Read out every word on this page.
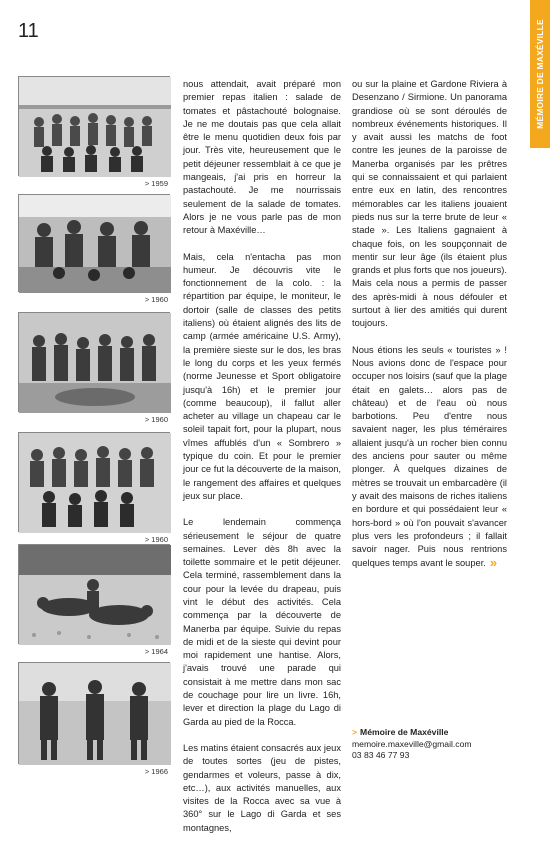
11	MÉMOIRE DE MAXÉVILLE
> 1959
> 1960
> 1960
> 1960
> 1964
> 1966

nous attendait, avait préparé mon premier repas italien : salade de tomates et pâstachouté bolognaise. Je ne me doutais pas que cela allait être le menu quotidien deux fois par jour. Très vite, heureusement que le petit déjeuner ressemblait à ce que je mangeais, j'ai pris en horreur la pastachouté. Je me nourrissais seulement de la salade de tomates. Alors je ne vous parle pas de mon retour à Maxéville…

Mais, cela n'entacha pas mon humeur. Je découvris vite le fonctionnement de la colo. : la répartition par équipe, le moniteur, le dortoir (salle de classes des petits italiens) où étaient alignés des lits de camp (armée américaine U.S. Army), la première sieste sur le dos, les bras le long du corps et les yeux fermés (norme Jeunesse et Sport obligatoire jusqu'à 16h) et le premier jour (comme beaucoup), il fallut aller acheter au village un chapeau car le soleil tapait fort, pour la plupart, nous vîmes affublés d'un « Sombrero » typique du coin. Et pour le premier jour ce fut la découverte de la maison, le rangement des affaires et quelques jeux sur place.

Le lendemain commença sérieusement le séjour de quatre semaines. Lever dès 8h avec la toilette sommaire et le petit déjeuner. Cela terminé, rassemblement dans la cour pour la levée du drapeau, puis vint le début des activités. Cela commença par la découverte de Manerba par équipe. Suivie du repas de midi et de la sieste qui devint pour moi rapidement une hantise. Alors, j'avais trouvé une parade qui consistait à me mettre dans mon sac de couchage pour lire un livre. 16h, lever et direction la plage du Lago di Garda au pied de la Rocca.

Les matins étaient consacrés aux jeux de toutes sortes (jeu de pistes, gendarmes et voleurs, passe à dix, etc…), aux activités manuelles, aux visites de la Rocca avec sa vue à 360° sur le Lago di Garda et ses montagnes,

ou sur la plaine et Gardone Riviera à Desenzano / Sirmione. Un panorama grandiose où se sont déroulés de nombreux événements historiques. Il y avait aussi les matchs de foot contre les jeunes de la paroisse de Manerba organisés par les prêtres qui se connaissaient et qui parlaient entre eux en latin, des rencontres mémorables car les italiens jouaient pieds nus sur la terre brute de leur « stade ». Les Italiens gagnaient à chaque fois, on les soupçonnait de mentir sur leur âge (ils étaient plus grands et plus forts que nos joueurs). Mais cela nous a permis de passer des après-midi à nous défouler et surtout à lier des amitiés qui durent toujours.

Nous étions les seuls « touristes » ! Nous avions donc de l'espace pour occuper nos loisirs (sauf que la plage était en galets… alors pas de château) et de l'eau où nous barbotions. Peu d'entre nous savaient nager, les plus téméraires allaient jusqu'à un rocher bien connu des anciens pour sauter ou même plonger. À quelques dizaines de mètres se trouvait un embarcadère (il y avait des maisons de riches italiens en bordure et qui possédaient leur « hors-bord » où l'on pouvait s'avancer plus vers les profondeurs ; il fallait savoir nager. Puis nous rentrions quelques temps avant le souper. »

> Mémoire de Maxéville
memoire.maxeville@gmail.com
03 83 46 77 93
